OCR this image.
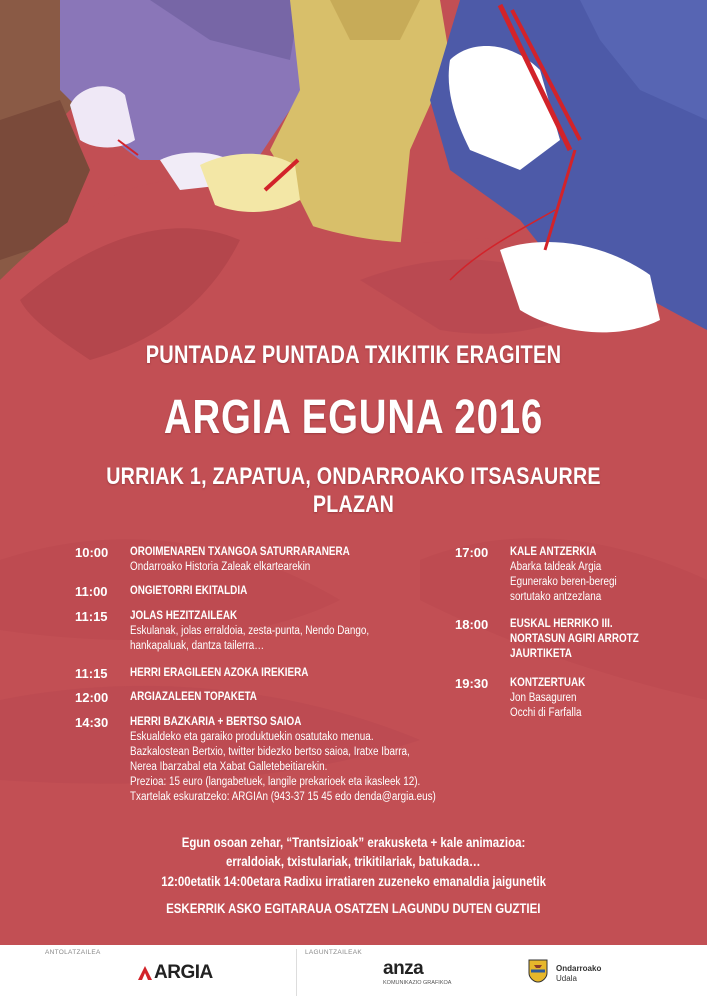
PUNTADAZ PUNTADA TXIKITIK ERAGITEN
ARGIA EGUNA 2016
URRIAK 1, ZAPATUA, ONDARROAKO ITSASAURRE PLAZAN
10:00	OROIMENAREN TXANGOA SATURRARANERA
Ondarroako Historia Zaleak elkartearekin
11:00	ONGIETORRI EKITALDIA
11:15	JOLAS HEZITZAILEAK
Eskulanak, jolas erraldoia, zesta-punta, Nendo Dango,
hankapaluak, dantza tailerra…
11:15	HERRI ERAGILEEN AZOKA IREKIERA
12:00	ARGIAZALEEN TOPAKETA
14:30	HERRI BAZKARIA + BERTSO SAIOA
Eskualdeko eta garaiko produktuekin osatutako menua.
Bazkalostean Bertxio, twitter bidezko bertso saioa, Iratxe Ibarra,
Nerea Ibarzabal eta Xabat Galletebeitiarekin.
Prezioa: 15 euro (langabetuek, langile prekarioek eta ikasleek 12).
Txartelak eskuratzeko: ARGIAn (943-37 15 45 edo denda@argia.eus)
17:00	KALE ANTZERKIA
Abarka taldeak Argia
Egunerako beren-beregi
sortutako antzezlana
18:00	EUSKAL HERRIKO III.
NORTASUN AGIRI ARROTZ
JAURTIKETA
19:30	KONTZERTUAK
Jon Basaguren
Occhi di Farfalla
Egun osoan zehar, “Trantsizioak” erakusketa + kale animazioa:
erraldoiak, txistulariak, trikitilariak, batukada…
12:00etatik 14:00etara Radixu irratiaren zuzeneko emanaldia jaigunetik
ESKERRIK ASKO EGITARAUA OSATZEN LAGUNDU DUTEN GUZTIEI
ANTOLATZAILEA	LAGUNTZAILEAK
ARGIA	anza
KOMUNIKAZIO GRAFIKOA
Ondarroako
Udala
